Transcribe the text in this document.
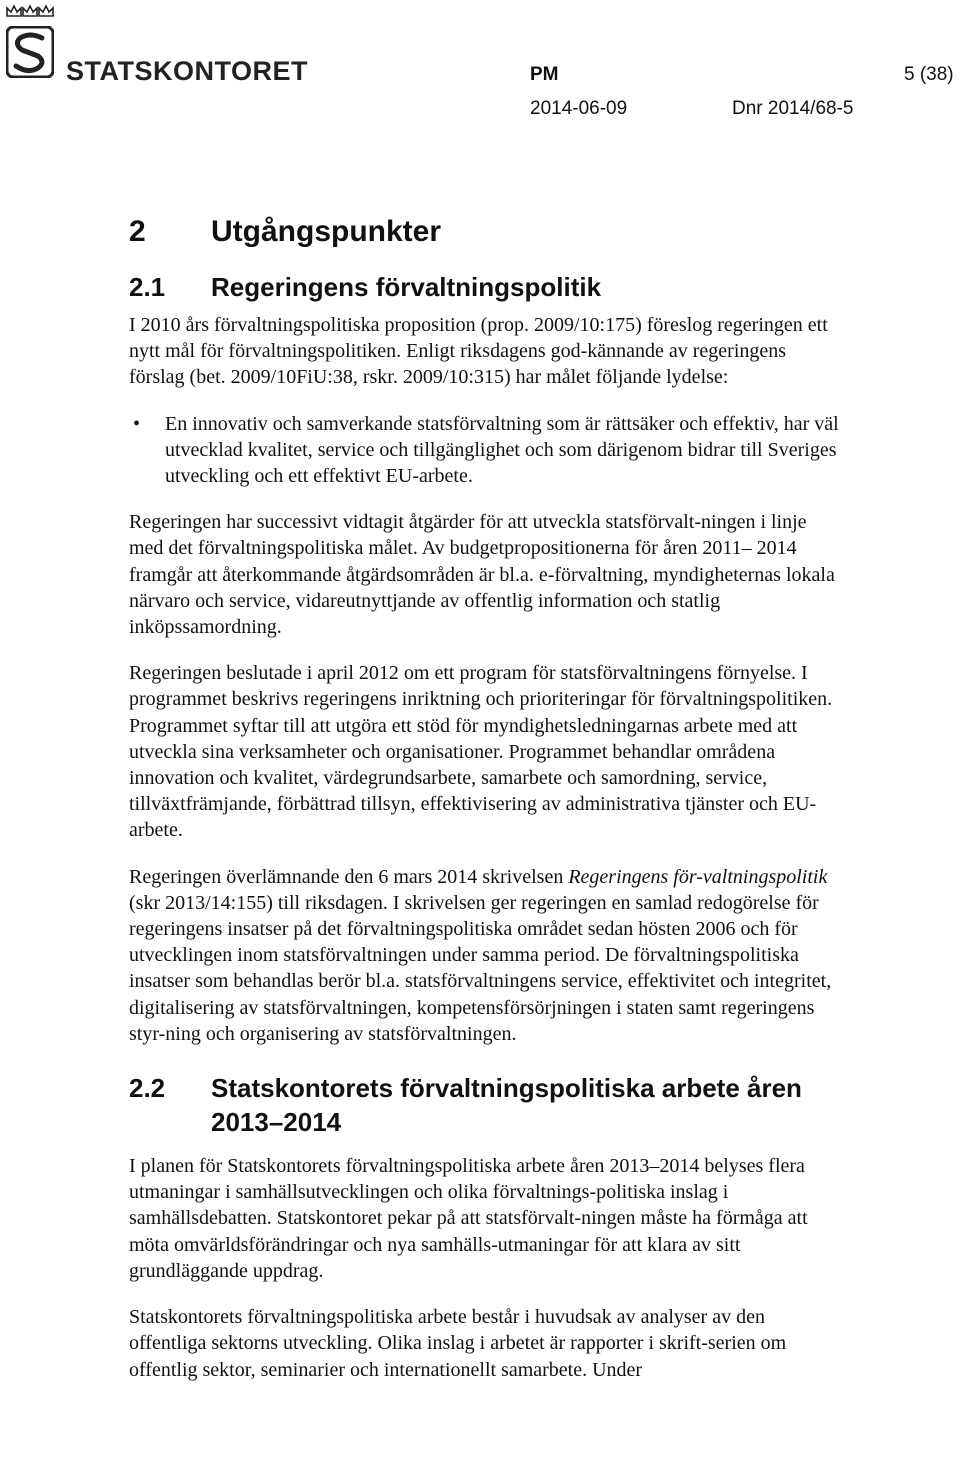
STATSKONTORET	PM	5 (38)
2014-06-09	Dnr 2014/68-5
2	Utgångspunkter
2.1	Regeringens förvaltningspolitik

I 2010 års förvaltningspolitiska proposition (prop. 2009/10:175) föreslog regeringen ett nytt mål för förvaltningspolitiken. Enligt riksdagens god-kännande av regeringens förslag (bet. 2009/10FiU:38, rskr. 2009/10:315) har målet följande lydelse:

• En innovativ och samverkande statsförvaltning som är rättsäker och effektiv, har väl utvecklad kvalitet, service och tillgänglighet och som därigenom bidrar till Sveriges utveckling och ett effektivt EU-arbete.

Regeringen har successivt vidtagit åtgärder för att utveckla statsförvalt-ningen i linje med det förvaltningspolitiska målet. Av budgetpropositionerna för åren 2011– 2014 framgår att återkommande åtgärdsområden är bl.a. e-förvaltning, myndigheternas lokala närvaro och service, vidareutnyttjande av offentlig information och statlig inköpssamordning.

Regeringen beslutade i april 2012 om ett program för statsförvaltningens förnyelse. I programmet beskrivs regeringens inriktning och prioriteringar för förvaltningspolitiken. Programmet syftar till att utgöra ett stöd för myndighetsledningarnas arbete med att utveckla sina verksamheter och organisationer. Programmet behandlar områdena innovation och kvalitet, värdegrundsarbete, samarbete och samordning, service, tillväxtfrämjande, förbättrad tillsyn, effektivisering av administrativa tjänster och EU-arbete.

Regeringen överlämnande den 6 mars 2014 skrivelsen Regeringens för-valtningspolitik (skr 2013/14:155) till riksdagen. I skrivelsen ger regeringen en samlad redogörelse för regeringens insatser på det förvaltningspolitiska området sedan hösten 2006 och för utvecklingen inom statsförvaltningen under samma period. De förvaltningspolitiska insatser som behandlas berör bl.a. statsförvaltningens service, effektivitet och integritet, digitalisering av statsförvaltningen, kompetensförsörjningen i staten samt regeringens styr-ning och organisering av statsförvaltningen.

2.2	Statskontorets förvaltningspolitiska arbete åren
2013–2014

I planen för Statskontorets förvaltningspolitiska arbete åren 2013–2014 belyses flera utmaningar i samhällsutvecklingen och olika förvaltnings-politiska inslag i samhällsdebatten. Statskontoret pekar på att statsförvalt-ningen måste ha förmåga att möta omvärldsförändringar och nya samhälls-utmaningar för att klara av sitt grundläggande uppdrag.

Statskontorets förvaltningspolitiska arbete består i huvudsak av analyser av den offentliga sektorns utveckling. Olika inslag i arbetet är rapporter i skrift-serien om offentlig sektor, seminarier och internationellt samarbete. Under
